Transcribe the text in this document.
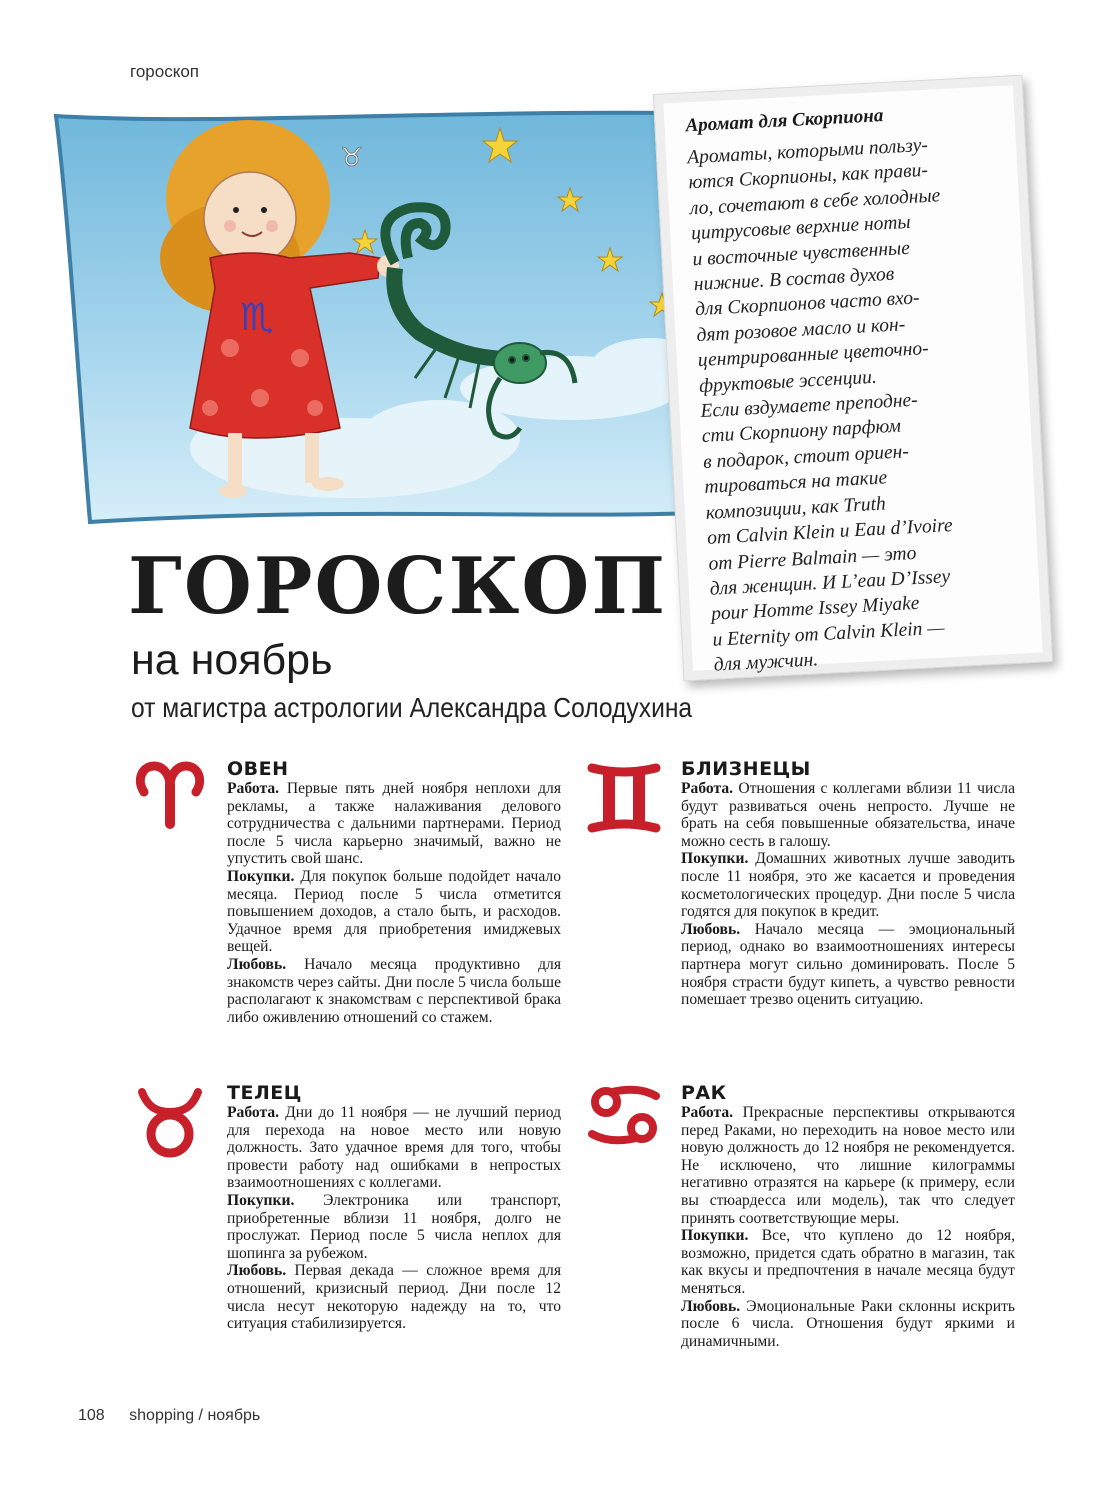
гороскоп
♉
♏

Аромат для Скорпиона

Ароматы, которыми пользу-
ются Скорпионы, как прави-
ло, сочетают в себе холодные
цитрусовые верхние ноты
и восточные чувственные
нижние. В состав духов
для Скорпионов часто вхо-
дят розовое масло и кон-
центрированные цветочно-
фруктовые эссенции.
Если вздумаете преподне-
сти Скорпиону парфюм
в подарок, стоит ориен-
тироваться на такие
композиции, как Truth
от Calvin Klein и Eau d’Ivoire
от Pierre Balmain — это
для женщин. И L’eau D’Issey
pour Homme Issey Miyake
и Eternity от Calvin Klein —
для мужчин.

ГОРОСКОП
на ноябрь
от магистра астрологии Александра Солодухина
ОВЕН

Работа. Первые пять дней ноября неплохи для рекламы, а также налаживания делового сотрудничества с дальними партнерами. Период после 5 числа карьерно значимый, важно не упустить свой шанс.

Покупки. Для покупок больше подойдет начало месяца. Период после 5 числа отметится повышением доходов, а стало быть, и расходов. Удачное время для приобретения имиджевых вещей.

Любовь. Начало месяца продуктивно для знакомств через сайты. Дни после 5 числа больше располагают к знакомствам с перспективой брака либо оживлению отношений со стажем.

ТЕЛЕЦ

Работа. Дни до 11 ноября — не лучший период для перехода на новое место или новую должность. Зато удачное время для того, чтобы провести работу над ошибками в непростых взаимоотношениях с коллегами.

Покупки. Электроника или транспорт, приобретенные вблизи 11 ноября, долго не прослужат. Период после 5 числа неплох для шопинга за рубежом.

Любовь. Первая декада — сложное время для отношений, кризисный период. Дни после 12 числа несут некоторую надежду на то, что ситуация стабилизируется.

БЛИЗНЕЦЫ

Работа. Отношения с коллегами вблизи 11 числа будут развиваться очень непросто. Лучше не брать на себя повышенные обязательства, иначе можно сесть в галошу.

Покупки. Домашних животных лучше заводить после 11 ноября, это же касается и проведения косметологических процедур. Дни после 5 числа годятся для покупок в кредит.

Любовь. Начало месяца — эмоциональный период, однако во взаимоотношениях интересы партнера могут сильно доминировать. После 5 ноября страсти будут кипеть, а чувство ревности помешает трезво оценить ситуацию.

РАК

Работа. Прекрасные перспективы открываются перед Раками, но переходить на новое место или новую должность до 12 ноября не рекомендуется. Не исключено, что лишние килограммы негативно отразятся на карьере (к примеру, если вы стюардесса или модель), так что следует принять соответствующие меры.

Покупки. Все, что куплено до 12 ноября, возможно, придется сдать обратно в магазин, так как вкусы и предпочтения в начале месяца будут меняться.

Любовь. Эмоциональные Раки склонны искрить после 6 числа. Отношения будут яркими и динамичными.

108 shopping / ноябрь
